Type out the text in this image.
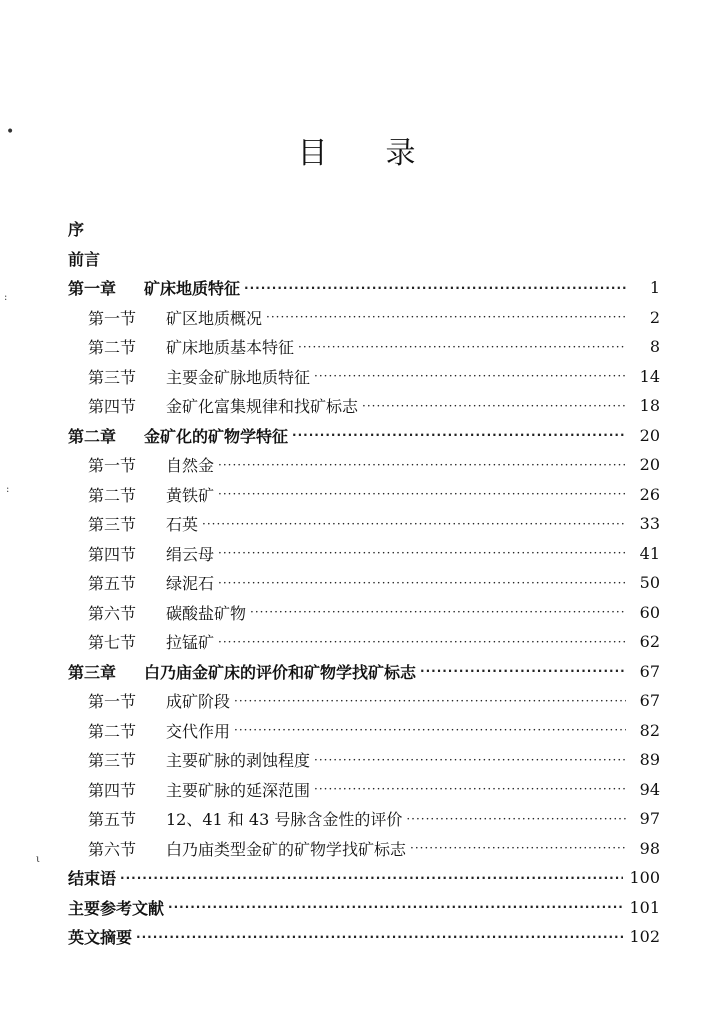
•
:
:
ι
目 录
序
前言
第一章	矿床地质特征 ·····	1
第一节	矿区地质概况 ·····	2
第二节	矿床地质基本特征 ·····	8
第三节	主要金矿脉地质特征 ·····	14
第四节	金矿化富集规律和找矿标志 ·····	18
第二章	金矿化的矿物学特征 ·····	20
第一节	自然金 ·····	20
第二节	黄铁矿 ·····	26
第三节	石英 ·····	33
第四节	绢云母 ·····	41
第五节	绿泥石 ·····	50
第六节	碳酸盐矿物 ·····	60
第七节	拉锰矿 ·····	62
第三章	白乃庙金矿床的评价和矿物学找矿标志 ·····	67
第一节	成矿阶段 ·····	67
第二节	交代作用 ·····	82
第三节	主要矿脉的剥蚀程度 ·····	89
第四节	主要矿脉的延深范围 ·····	94
第五节	12、41 和 43 号脉含金性的评价 ·····	97
第六节	白乃庙类型金矿的矿物学找矿标志 ·····	98
结束语 ·····	100
主要参考文献 ·····	101
英文摘要 ·····	102
